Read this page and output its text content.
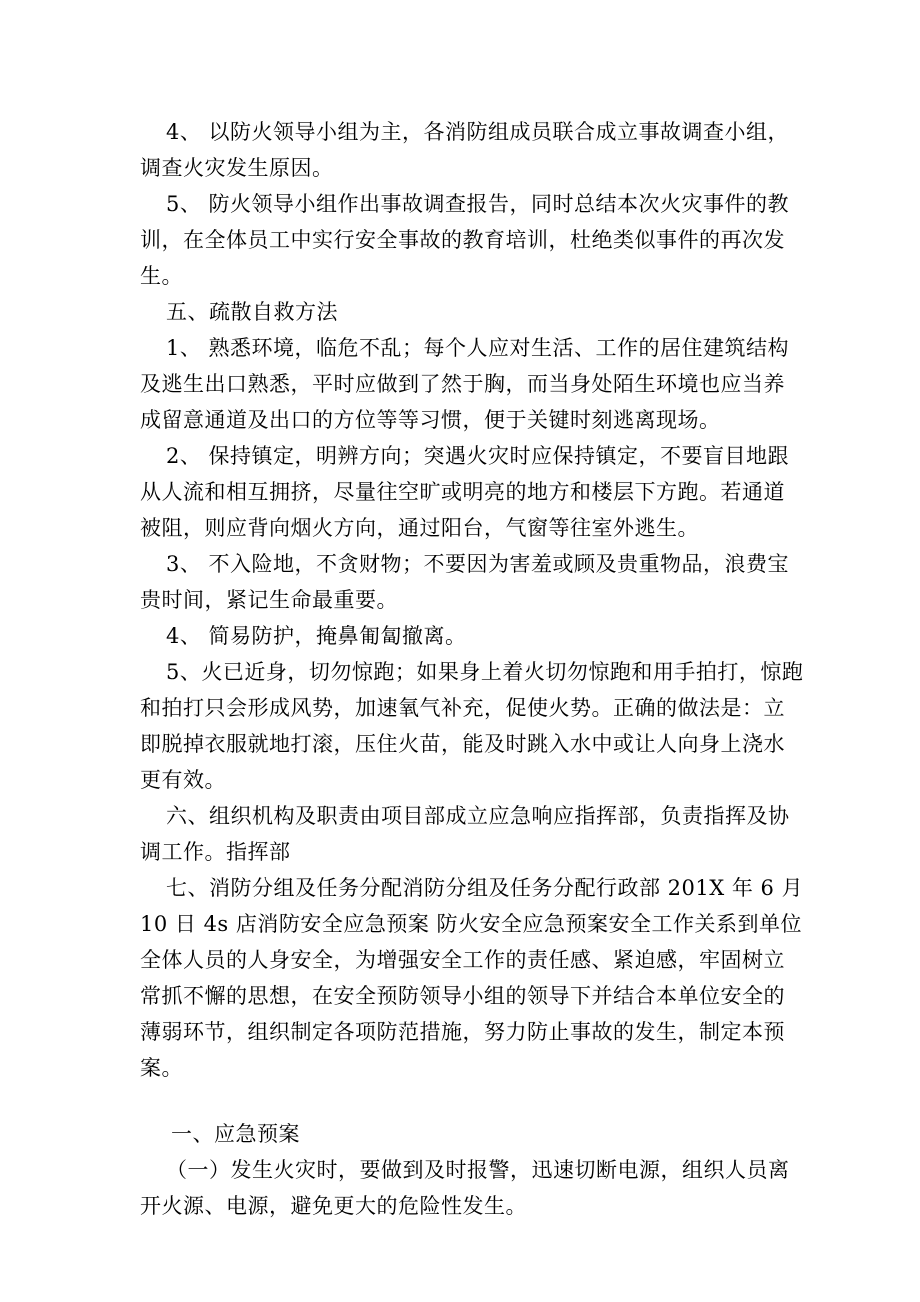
4、 以防火领导小组为主，各消防组成员联合成立事故调查小组，调查火灾发生原因。

5、 防火领导小组作出事故调查报告，同时总结本次火灾事件的教训，在全体员工中实行安全事故的教育培训，杜绝类似事件的再次发生。

五、疏散自救方法

1、 熟悉环境，临危不乱；每个人应对生活、工作的居住建筑结构及逃生出口熟悉，平时应做到了然于胸，而当身处陌生环境也应当养成留意通道及出口的方位等等习惯，便于关键时刻逃离现场。

2、 保持镇定，明辨方向；突遇火灾时应保持镇定，不要盲目地跟从人流和相互拥挤，尽量往空旷或明亮的地方和楼层下方跑。若通道被阻，则应背向烟火方向，通过阳台，气窗等往室外逃生。

3、 不入险地，不贪财物；不要因为害羞或顾及贵重物品，浪费宝贵时间，紧记生命最重要。

4、 简易防护，掩鼻匍匐撤离。

5、火已近身，切勿惊跑；如果身上着火切勿惊跑和用手拍打，惊跑和拍打只会形成风势，加速氧气补充，促使火势。正确的做法是：立即脱掉衣服就地打滚，压住火苗，能及时跳入水中或让人向身上浇水更有效。

六、组织机构及职责由项目部成立应急响应指挥部，负责指挥及协调工作。指挥部

七、消防分组及任务分配消防分组及任务分配行政部 201X 年 6 月 10 日 4s 店消防安全应急预案 防火安全应急预案安全工作关系到单位全体人员的人身安全，为增强安全工作的责任感、紧迫感，牢固树立常抓不懈的思想，在安全预防领导小组的领导下并结合本单位安全的薄弱环节，组织制定各项防范措施，努力防止事故的发生，制定本预案。

一、应急预案

（一）发生火灾时，要做到及时报警，迅速切断电源，组织人员离开火源、电源，避免更大的危险性发生。
